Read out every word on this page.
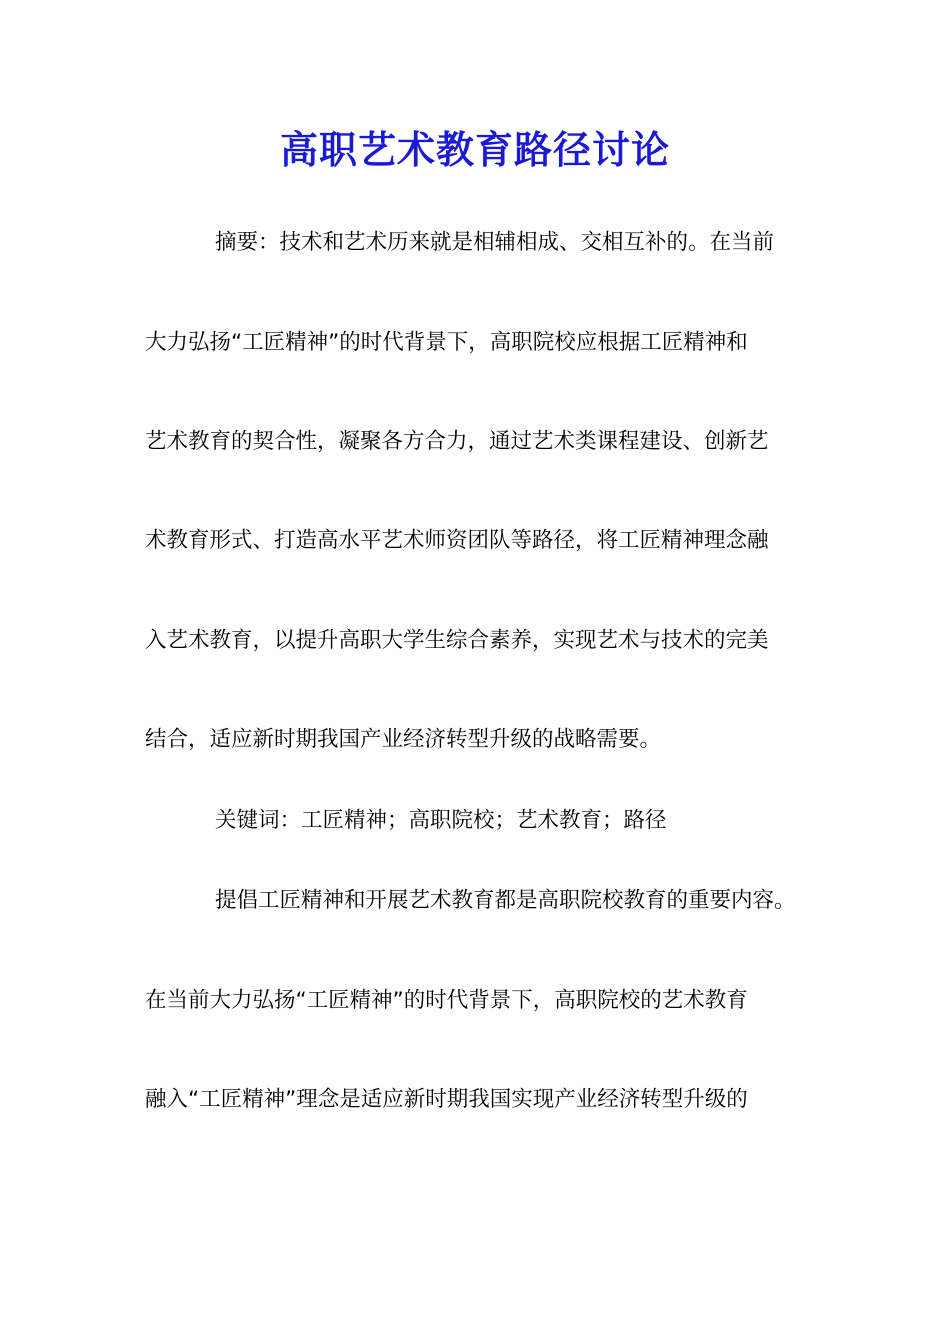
高职艺术教育路径讨论
摘要：技术和艺术历来就是相辅相成、交相互补的。在当前
大力弘扬“工匠精神”的时代背景下，高职院校应根据工匠精神和
艺术教育的契合性，凝聚各方合力，通过艺术类课程建设、创新艺
术教育形式、打造高水平艺术师资团队等路径，将工匠精神理念融
入艺术教育，以提升高职大学生综合素养，实现艺术与技术的完美
结合，适应新时期我国产业经济转型升级的战略需要。
关键词：工匠精神；高职院校；艺术教育；路径
提倡工匠精神和开展艺术教育都是高职院校教育的重要内容。
在当前大力弘扬“工匠精神”的时代背景下，高职院校的艺术教育
融入“工匠精神”理念是适应新时期我国实现产业经济转型升级的
